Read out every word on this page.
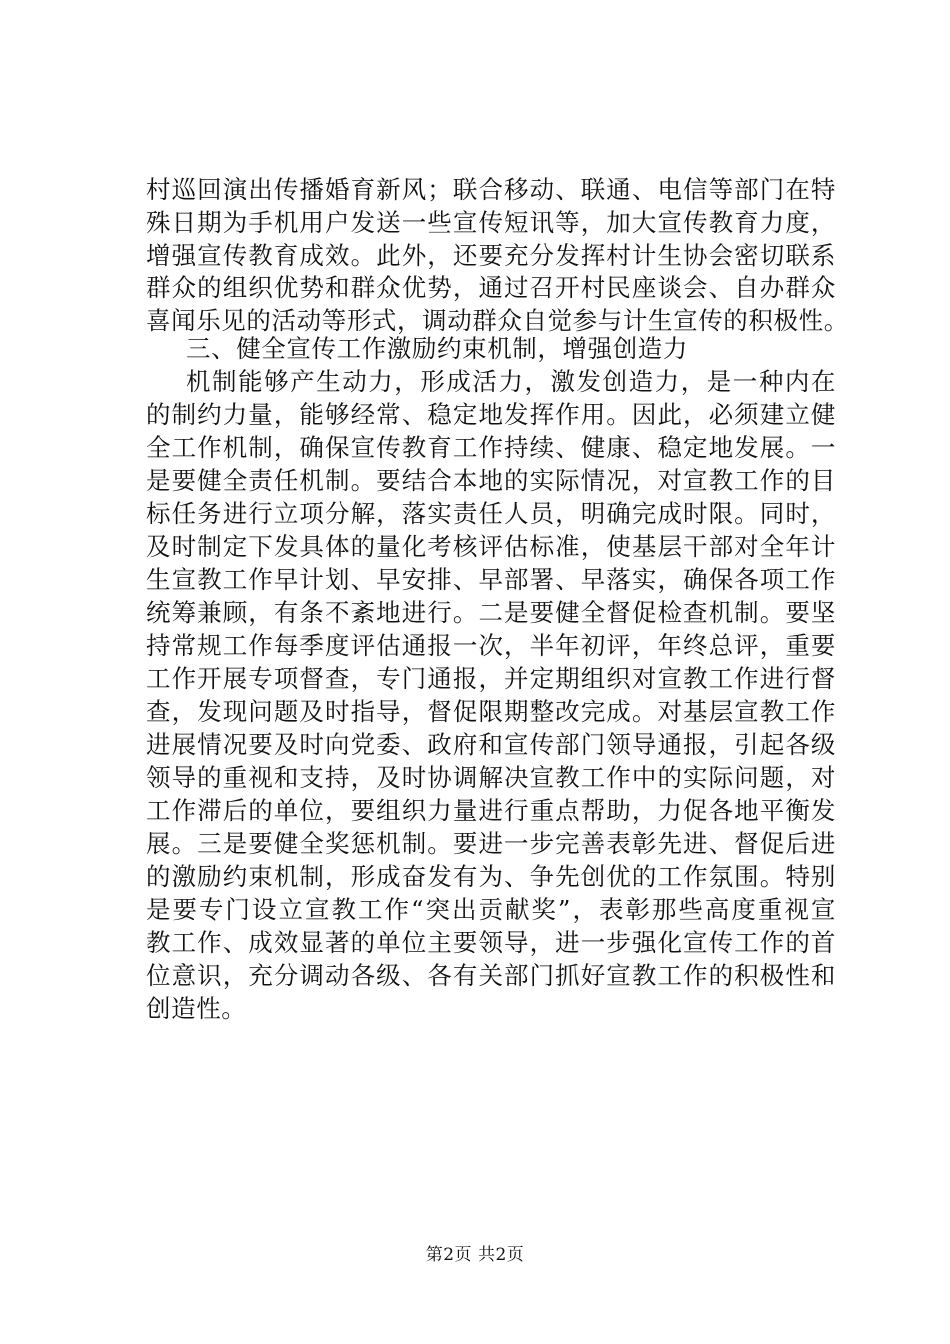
村巡回演出传播婚育新风；联合移动、联通、电信等部门在特
殊日期为手机用户发送一些宣传短讯等，加大宣传教育力度，
增强宣传教育成效。此外，还要充分发挥村计生协会密切联系
群众的组织优势和群众优势，通过召开村民座谈会、自办群众
喜闻乐见的活动等形式，调动群众自觉参与计生宣传的积极性。
三、健全宣传工作激励约束机制，增强创造力
机制能够产生动力，形成活力，激发创造力，是一种内在
的制约力量，能够经常、稳定地发挥作用。因此，必须建立健
全工作机制，确保宣传教育工作持续、健康、稳定地发展。一
是要健全责任机制。要结合本地的实际情况，对宣教工作的目
标任务进行立项分解，落实责任人员，明确完成时限。同时，
及时制定下发具体的量化考核评估标准，使基层干部对全年计
生宣教工作早计划、早安排、早部署、早落实，确保各项工作
统筹兼顾，有条不紊地进行。二是要健全督促检查机制。要坚
持常规工作每季度评估通报一次，半年初评，年终总评，重要
工作开展专项督查，专门通报，并定期组织对宣教工作进行督
查，发现问题及时指导，督促限期整改完成。对基层宣教工作
进展情况要及时向党委、政府和宣传部门领导通报，引起各级
领导的重视和支持，及时协调解决宣教工作中的实际问题，对
工作滞后的单位，要组织力量进行重点帮助，力促各地平衡发
展。三是要健全奖惩机制。要进一步完善表彰先进、督促后进
的激励约束机制，形成奋发有为、争先创优的工作氛围。特别
是要专门设立宣教工作“突出贡献奖”，表彰那些高度重视宣
教工作、成效显著的单位主要领导，进一步强化宣传工作的首
位意识，充分调动各级、各有关部门抓好宣教工作的积极性和
创造性。
第2页 共2页
